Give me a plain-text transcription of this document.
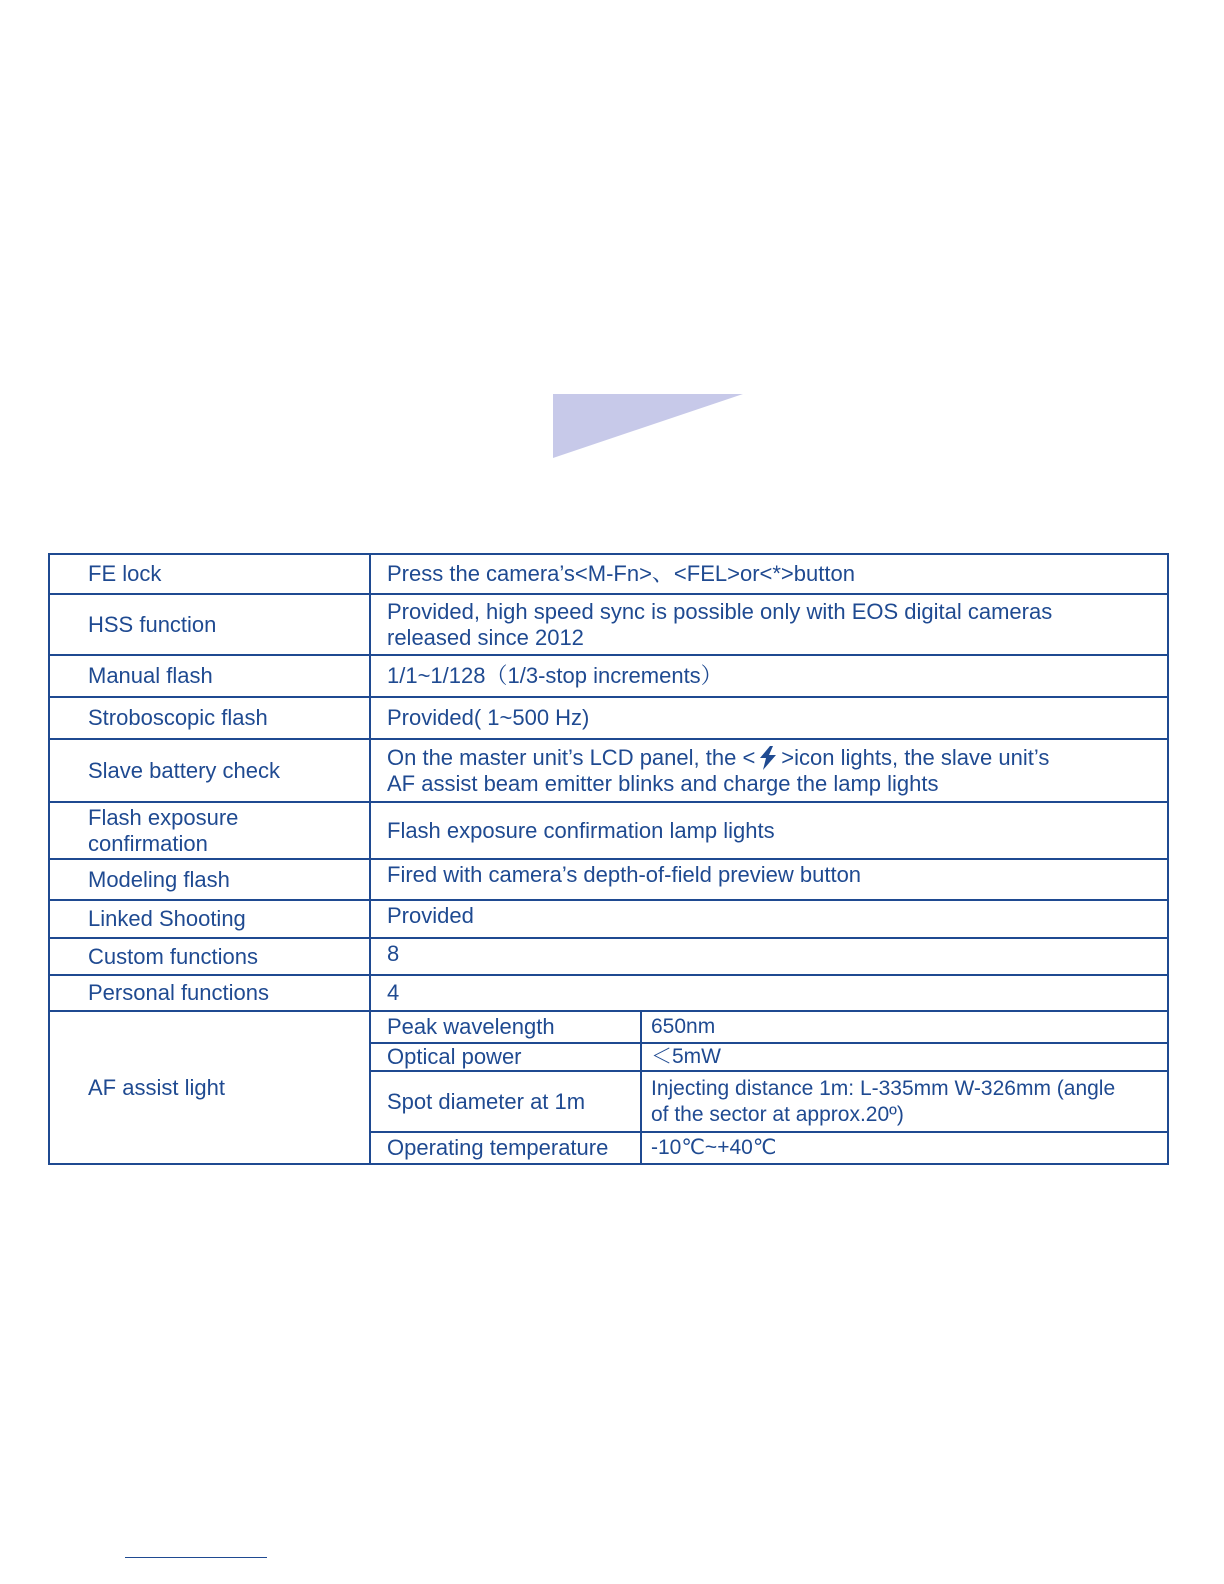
FE lock	Press the camera’s<M-Fn>、<FEL>or<*>button	
HSS function	Provided, high speed sync is possible only with EOS digital cameras
released since 2012	
Manual flash	1/1~1/128（1/3-stop increments）	
Stroboscopic flash	Provided( 1~500 Hz)	
Slave battery check	On the master unit’s LCD panel, the < >icon lights, the slave unit’s
AF assist beam emitter blinks and charge the lamp lights	
Flash exposure
confirmation	Flash exposure confirmation lamp lights	
Modeling flash	Fired with camera’s depth-of-field preview button	
Linked Shooting	Provided	
Custom functions	8	
Personal functions	4	
AF assist light	Peak wavelength	650nm
	Optical power	＜5mW
	Spot diameter at 1m	Injecting distance 1m: L-335mm W-326mm (angle
of the sector at approx.20º)
	Operating temperature	-10℃~+40℃
